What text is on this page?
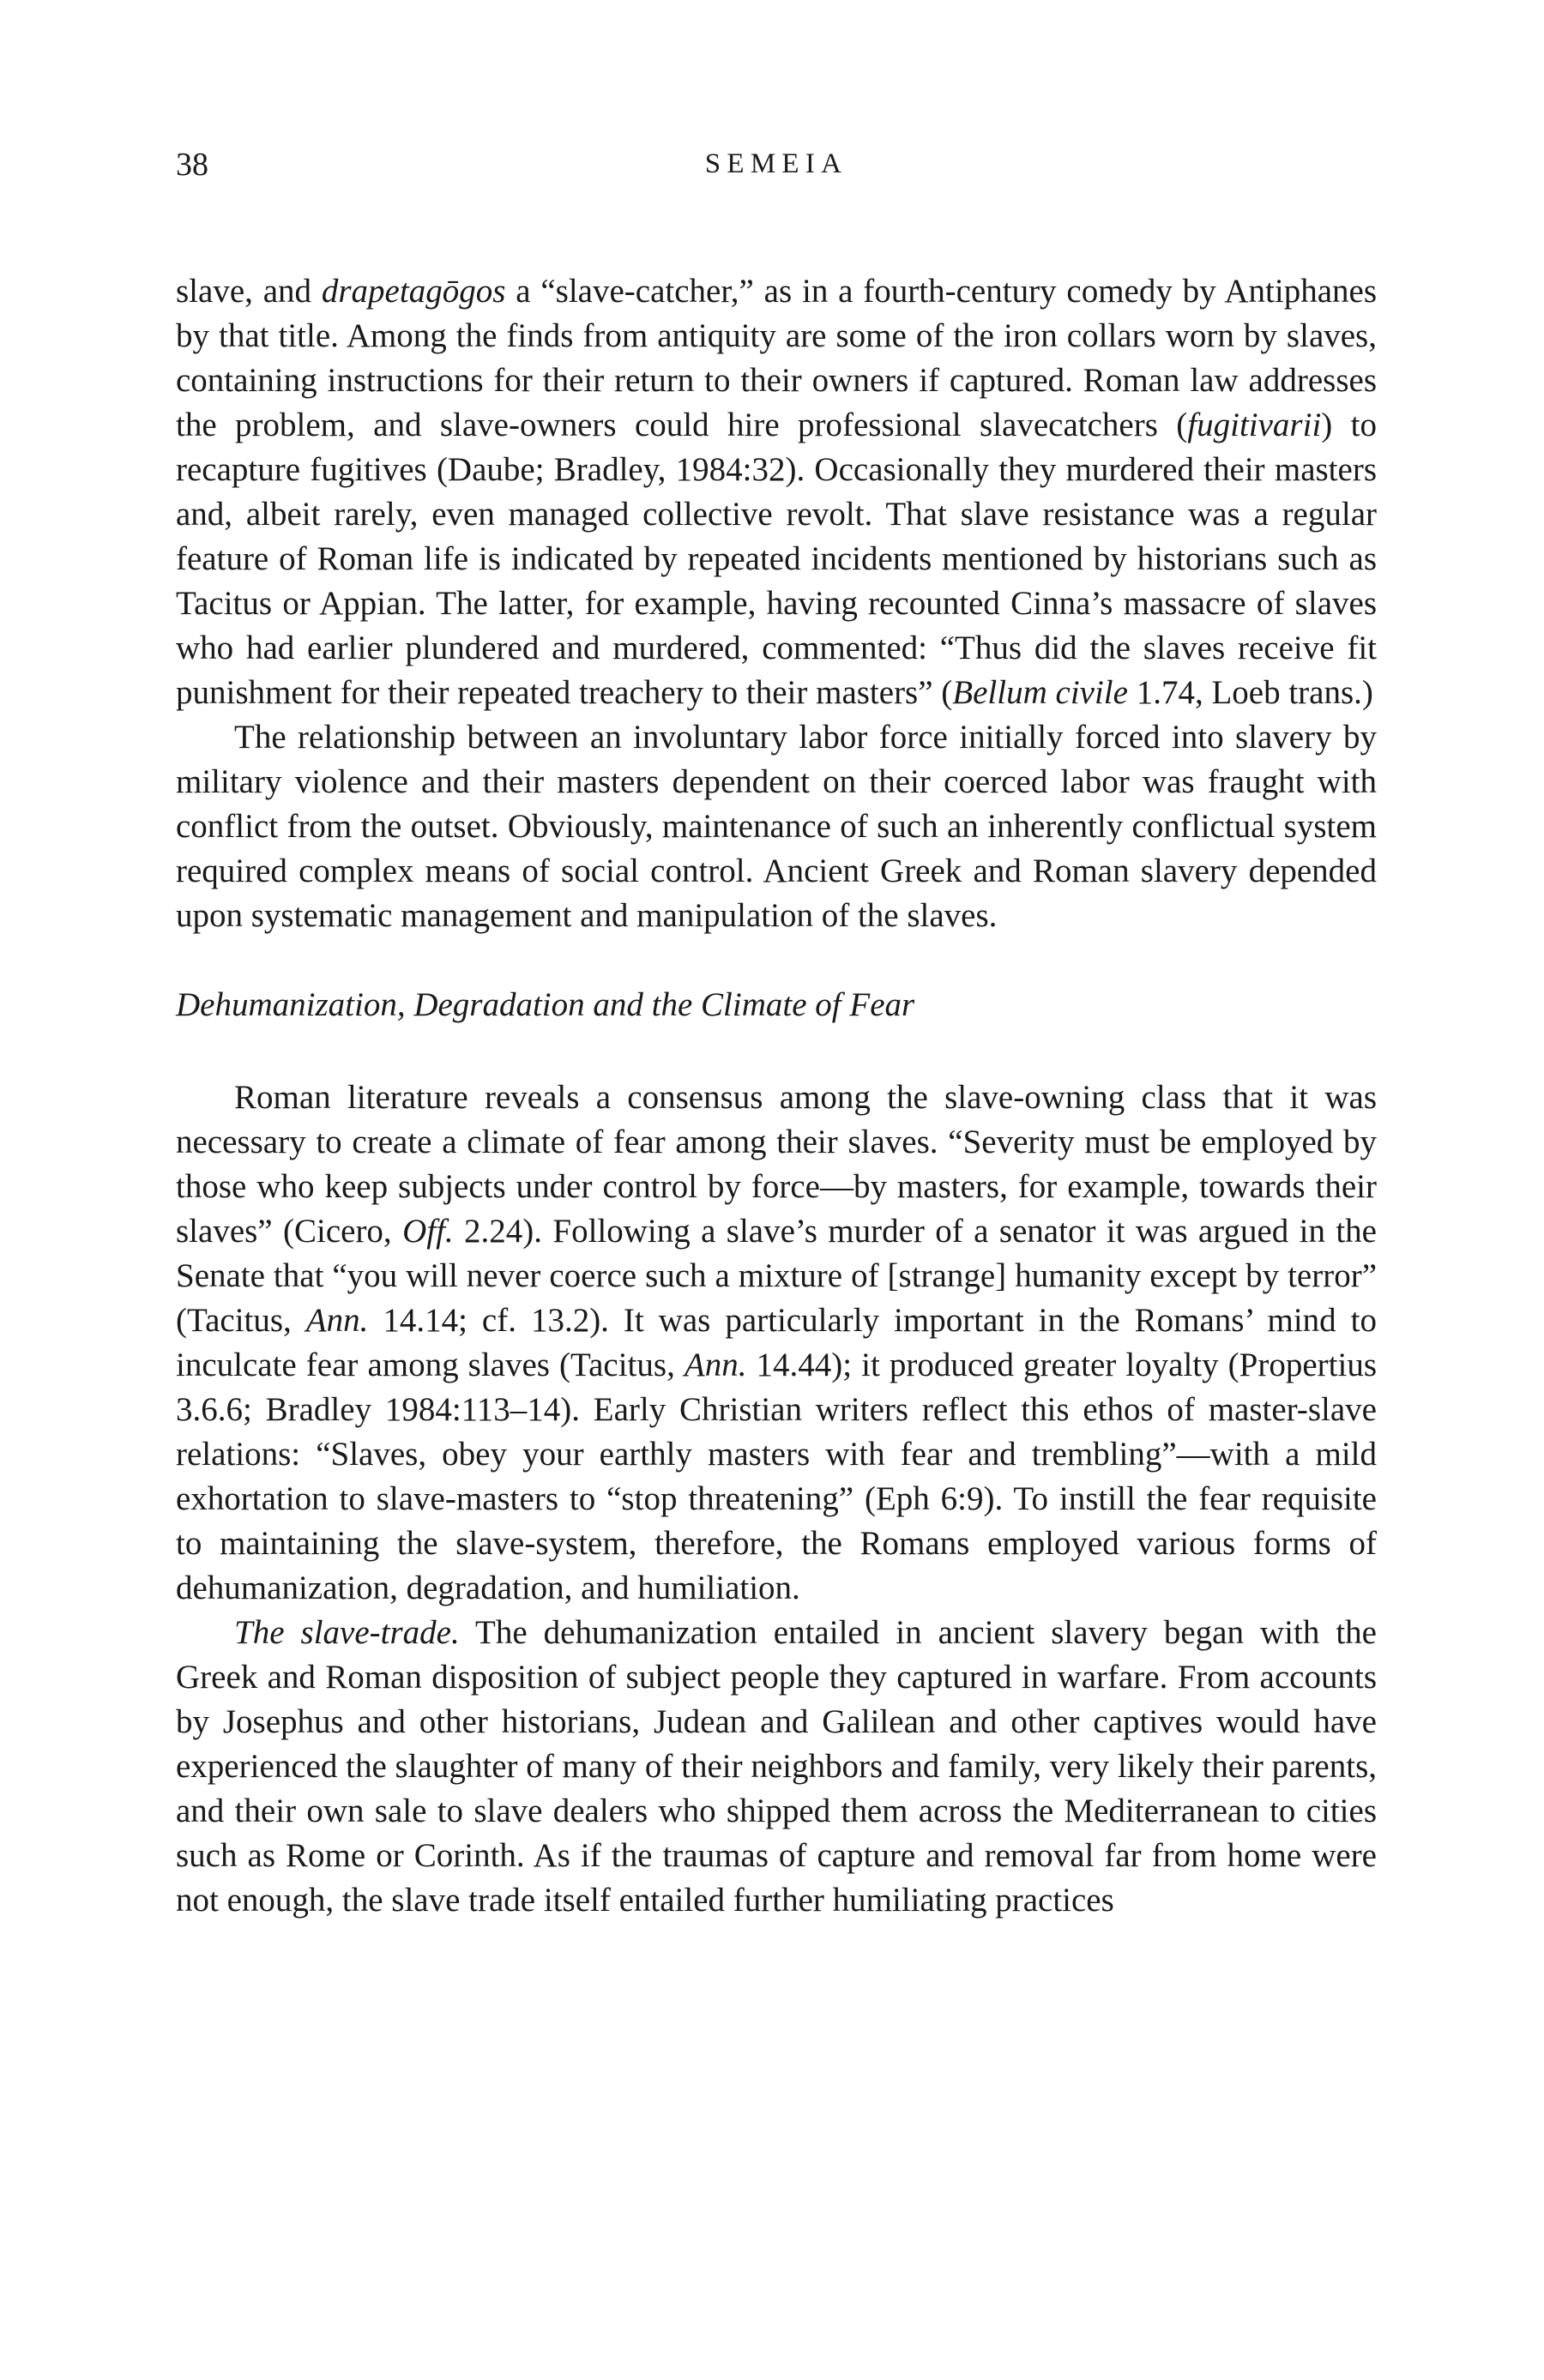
38	SEMEIA

slave, and drapetagōgos a “slave-catcher,” as in a fourth-century comedy by Antiphanes by that title. Among the finds from antiquity are some of the iron collars worn by slaves, containing instructions for their return to their owners if captured. Roman law addresses the problem, and slave-owners could hire professional slavecatchers (fugitivarii) to recapture fugitives (Daube; Bradley, 1984:32). Occasionally they murdered their masters and, albeit rarely, even managed collective revolt. That slave resistance was a regular feature of Roman life is indicated by repeated incidents mentioned by historians such as Tacitus or Appian. The latter, for example, having recounted Cinna’s massacre of slaves who had earlier plundered and murdered, commented: “Thus did the slaves receive fit punishment for their repeated treachery to their masters” (Bellum civile 1.74, Loeb trans.)

The relationship between an involuntary labor force initially forced into slavery by military violence and their masters dependent on their coerced labor was fraught with conflict from the outset. Obviously, maintenance of such an inherently conflictual system required complex means of social control. Ancient Greek and Roman slavery depended upon systematic management and manipulation of the slaves.

Dehumanization, Degradation and the Climate of Fear

Roman literature reveals a consensus among the slave-owning class that it was necessary to create a climate of fear among their slaves. “Severity must be employed by those who keep subjects under control by force—by masters, for example, towards their slaves” (Cicero, Off. 2.24). Following a slave’s murder of a senator it was argued in the Senate that “you will never coerce such a mixture of [strange] humanity except by terror” (Tacitus, Ann. 14.14; cf. 13.2). It was particularly important in the Romans’ mind to inculcate fear among slaves (Tacitus, Ann. 14.44); it produced greater loyalty (Propertius 3.6.6; Bradley 1984:113–14). Early Christian writers reflect this ethos of master-slave relations: “Slaves, obey your earthly masters with fear and trembling”—with a mild exhortation to slave-masters to “stop threatening” (Eph 6:9). To instill the fear requisite to maintaining the slave-system, therefore, the Romans employed various forms of dehumanization, degradation, and humiliation.

The slave-trade. The dehumanization entailed in ancient slavery began with the Greek and Roman disposition of subject people they captured in warfare. From accounts by Josephus and other historians, Judean and Galilean and other captives would have experienced the slaughter of many of their neighbors and family, very likely their parents, and their own sale to slave dealers who shipped them across the Mediterranean to cities such as Rome or Corinth. As if the traumas of capture and removal far from home were not enough, the slave trade itself entailed further humiliating practices
